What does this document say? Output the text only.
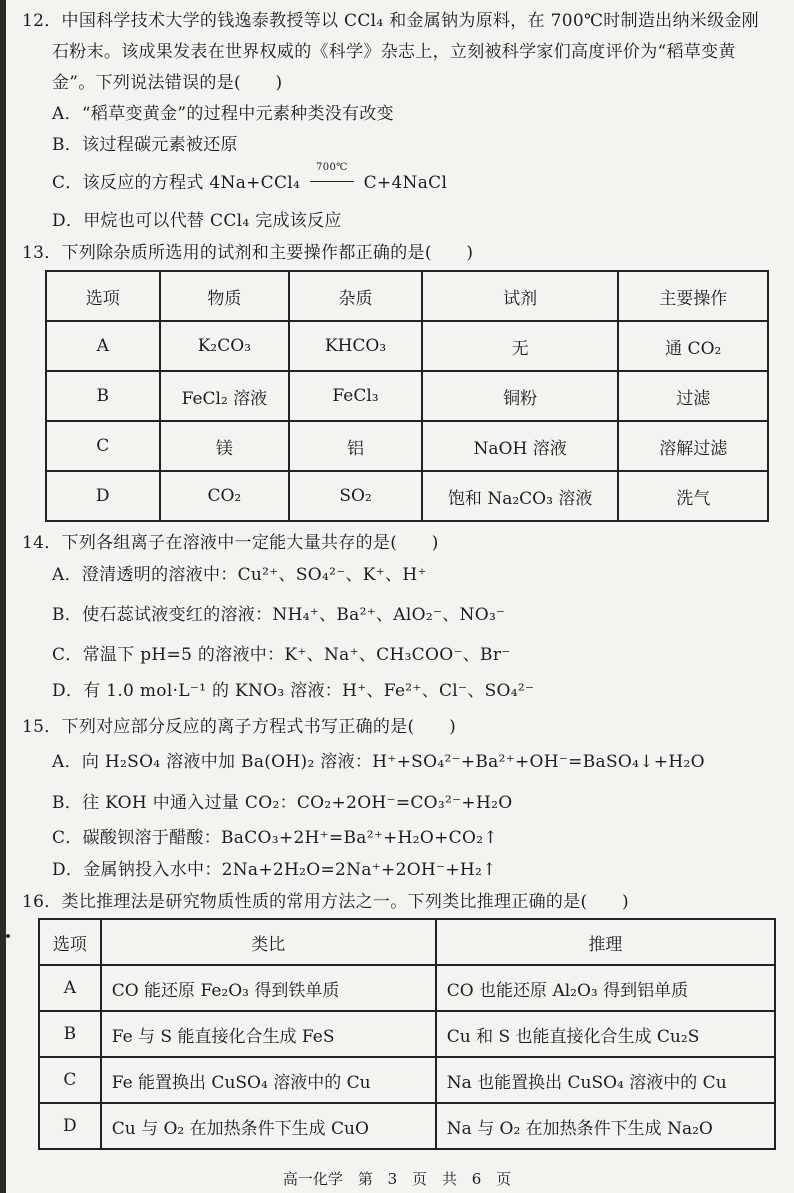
12．中国科学技术大学的钱逸泰教授等以 CCl₄ 和金属钠为原料，在 700℃时制造出纳米级金刚
石粉末。该成果发表在世界权威的《科学》杂志上，立刻被科学家们高度评价为“稻草变黄
金”。下列说法错误的是(　　)
A．“稻草变黄金”的过程中元素种类没有改变
B．该过程碳元素被还原
C．该反应的方程式 4Na+CCl₄
700℃
C+4NaCl
D．甲烷也可以代替 CCl₄ 完成该反应
13．下列除杂质所选用的试剂和主要操作都正确的是(　　)
选项	物质	杂质	试剂	主要操作
A	K₂CO₃	KHCO₃	无	通 CO₂
B	FeCl₂ 溶液	FeCl₃	铜粉	过滤
C	镁	铝	NaOH 溶液	溶解过滤
D	CO₂	SO₂	饱和 Na₂CO₃ 溶液	洗气
14．下列各组离子在溶液中一定能大量共存的是(　　)
A．澄清透明的溶液中：Cu²⁺、SO₄²⁻、K⁺、H⁺
B．使石蕊试液变红的溶液：NH₄⁺、Ba²⁺、AlO₂⁻、NO₃⁻
C．常温下 pH=5 的溶液中：K⁺、Na⁺、CH₃COO⁻、Br⁻
D．有 1.0 mol·L⁻¹ 的 KNO₃ 溶液：H⁺、Fe²⁺、Cl⁻、SO₄²⁻
15．下列对应部分反应的离子方程式书写正确的是(　　)
A．向 H₂SO₄ 溶液中加 Ba(OH)₂ 溶液：H⁺+SO₄²⁻+Ba²⁺+OH⁻=BaSO₄↓+H₂O
B．往 KOH 中通入过量 CO₂：CO₂+2OH⁻=CO₃²⁻+H₂O
C．碳酸钡溶于醋酸：BaCO₃+2H⁺=Ba²⁺+H₂O+CO₂↑
D．金属钠投入水中：2Na+2H₂O=2Na⁺+2OH⁻+H₂↑
16．类比推理法是研究物质性质的常用方法之一。下列类比推理正确的是(　　)
选项	类比	推理
A	CO 能还原 Fe₂O₃ 得到铁单质	CO 也能还原 Al₂O₃ 得到铝单质
B	Fe 与 S 能直接化合生成 FeS	Cu 和 S 也能直接化合生成 Cu₂S
C	Fe 能置换出 CuSO₄ 溶液中的 Cu	Na 也能置换出 CuSO₄ 溶液中的 Cu
D	Cu 与 O₂ 在加热条件下生成 CuO	Na 与 O₂ 在加热条件下生成 Na₂O
高一化学　第 3 页　共 6 页
